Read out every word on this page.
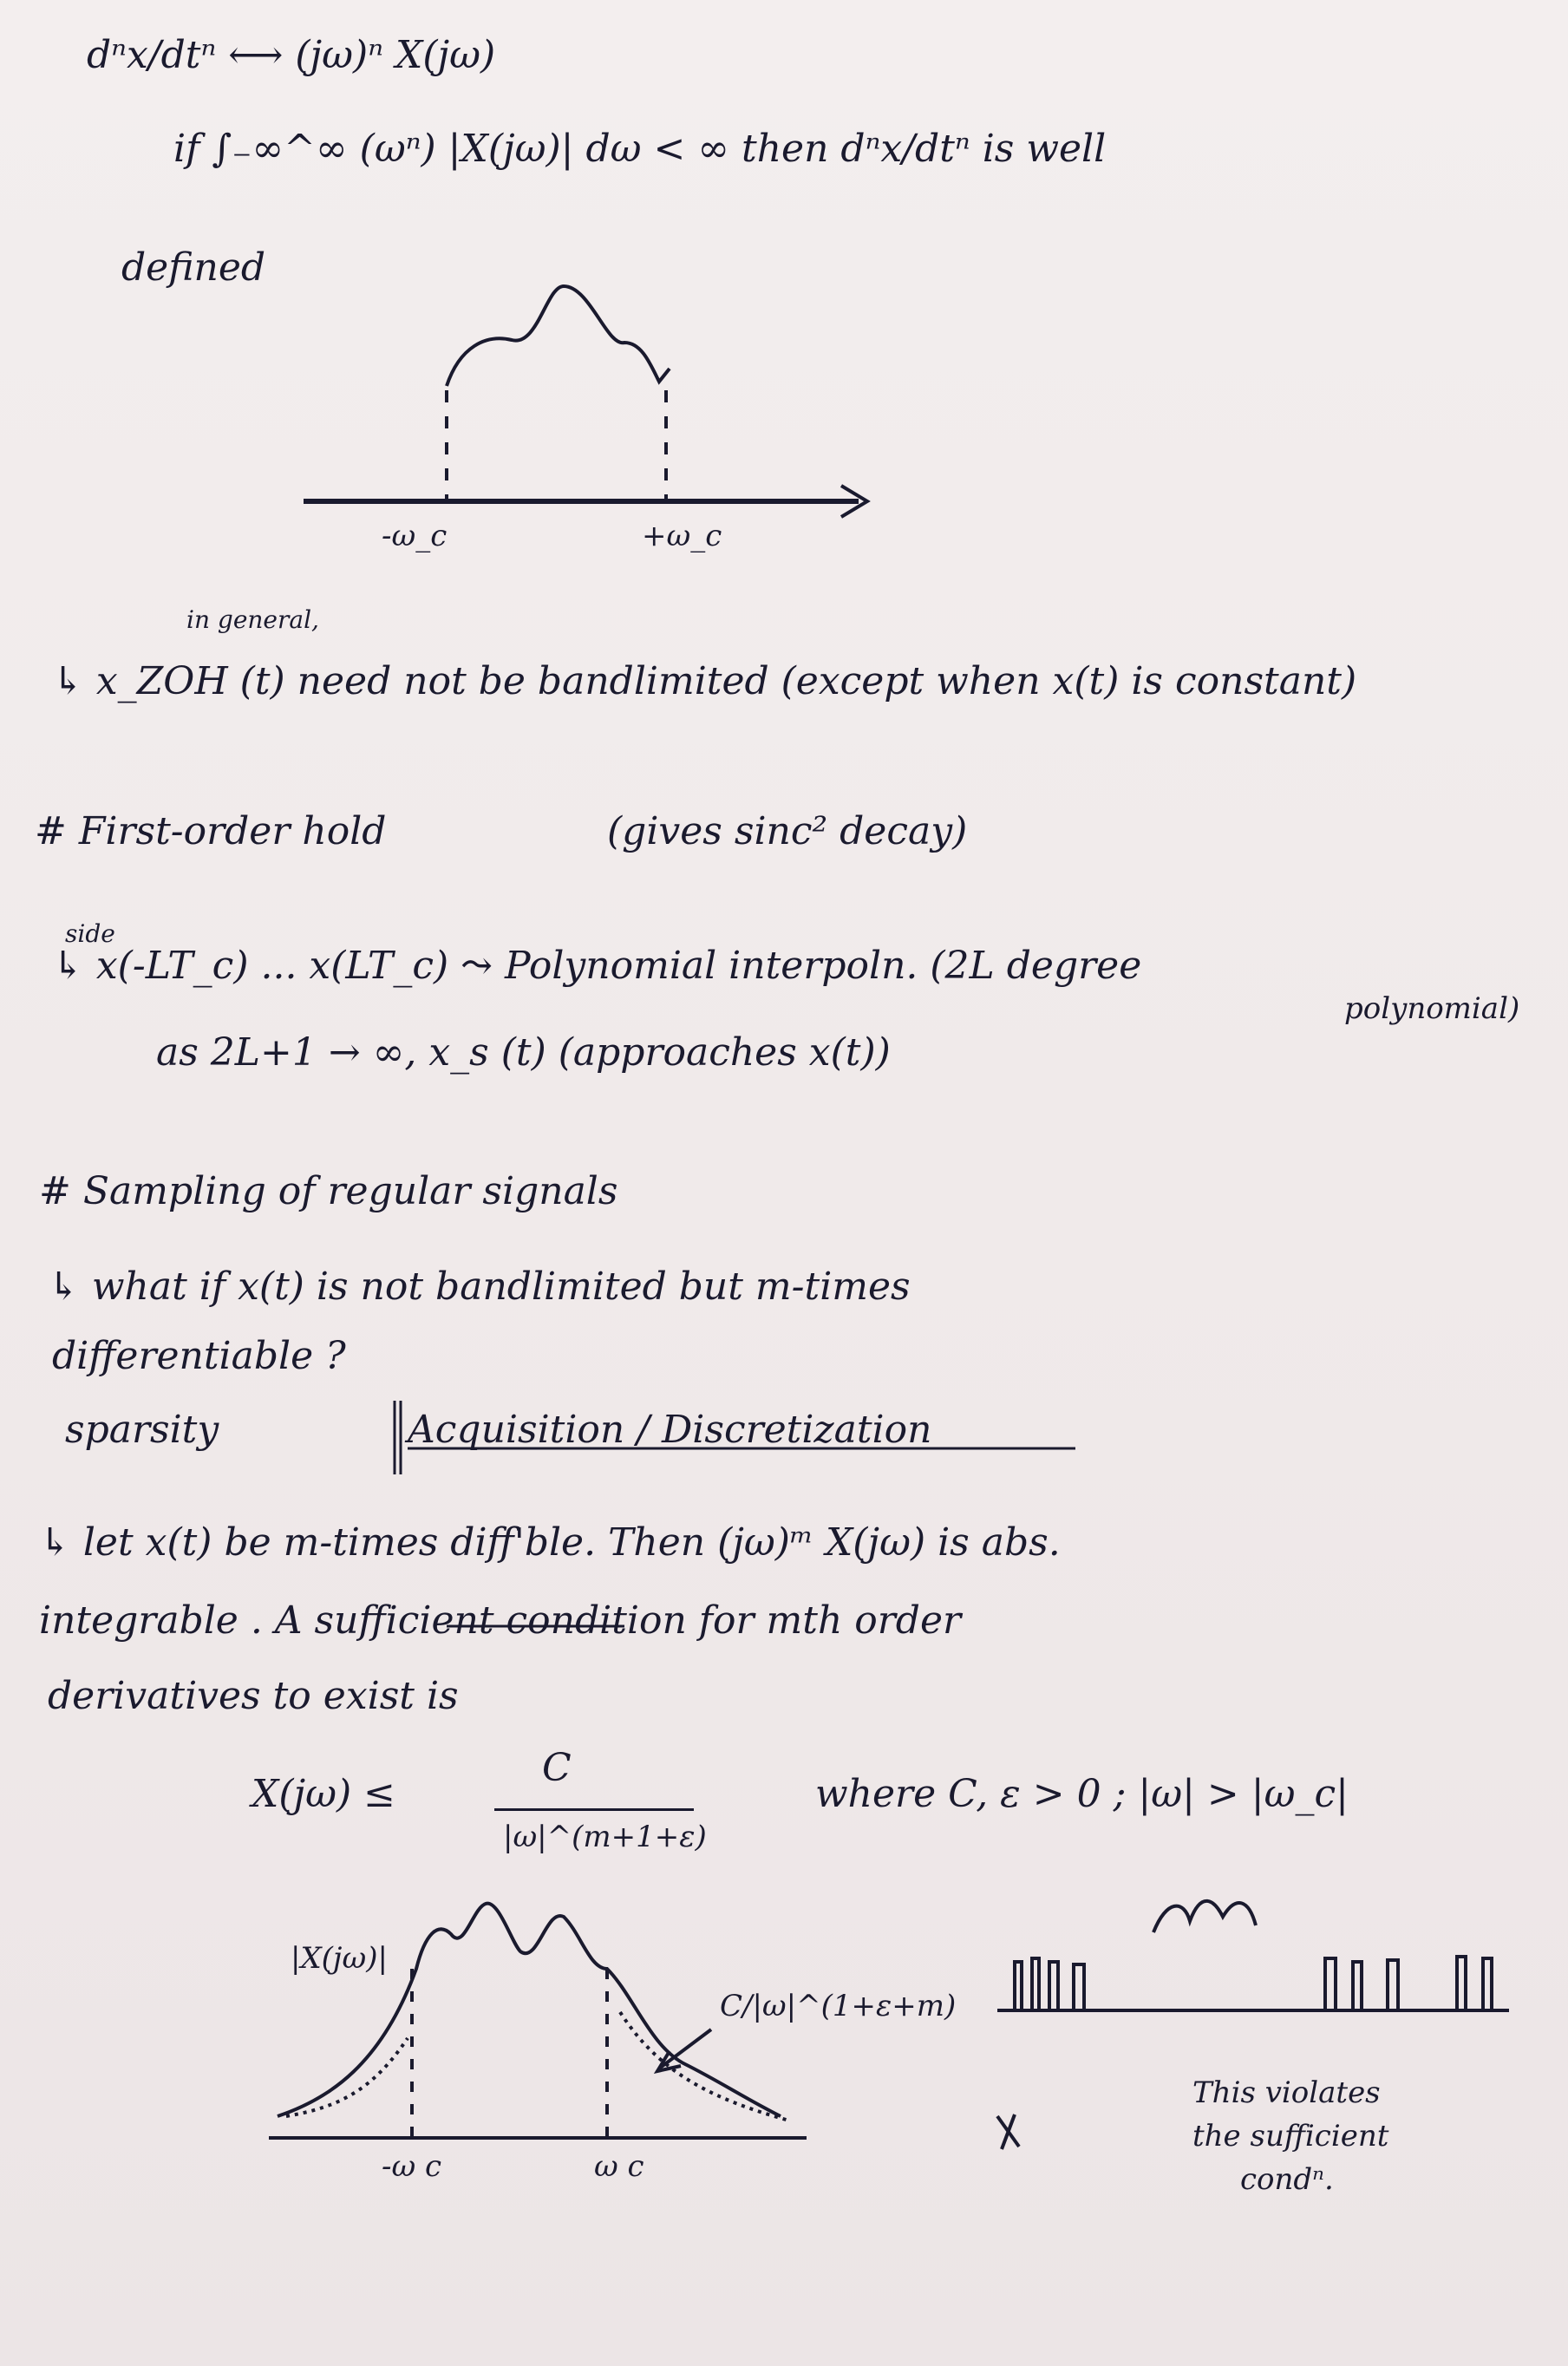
dⁿx/dtⁿ ⟷ (jω)ⁿ X(jω)
if ∫₋∞^∞ (ωⁿ) |X(jω)| dω < ∞ then dⁿx/dtⁿ is well
defined
-ω_c	+ω_c
in general,
↳ x_ZOH (t) need not be bandlimited (except when x(t) is constant)
# First-order hold	(gives sinc² decay)
side
↳ x(-LT_c) ... x(LT_c) ⤳ Polynomial interpoln. (2L degree
polynomial)
as 2L+1 → ∞, x_s (t) (approaches x(t))
# Sampling of regular signals
↳ what if x(t) is not bandlimited but m-times
differentiable ?
sparsity	Acquisition / Discretization
↳ let x(t) be m-times diff'ble. Then (jω)ᵐ X(jω) is abs.
integrable . A sufficient condition for mth order
derivatives to exist is
X(jω) ≤
C
|ω|^(m+1+ε)
where C, ε > 0 ; |ω| > |ω_c|
|X(jω)|
C/|ω|^(1+ε+m)
-ω c	ω c
This violates
the sufficient
condⁿ.
